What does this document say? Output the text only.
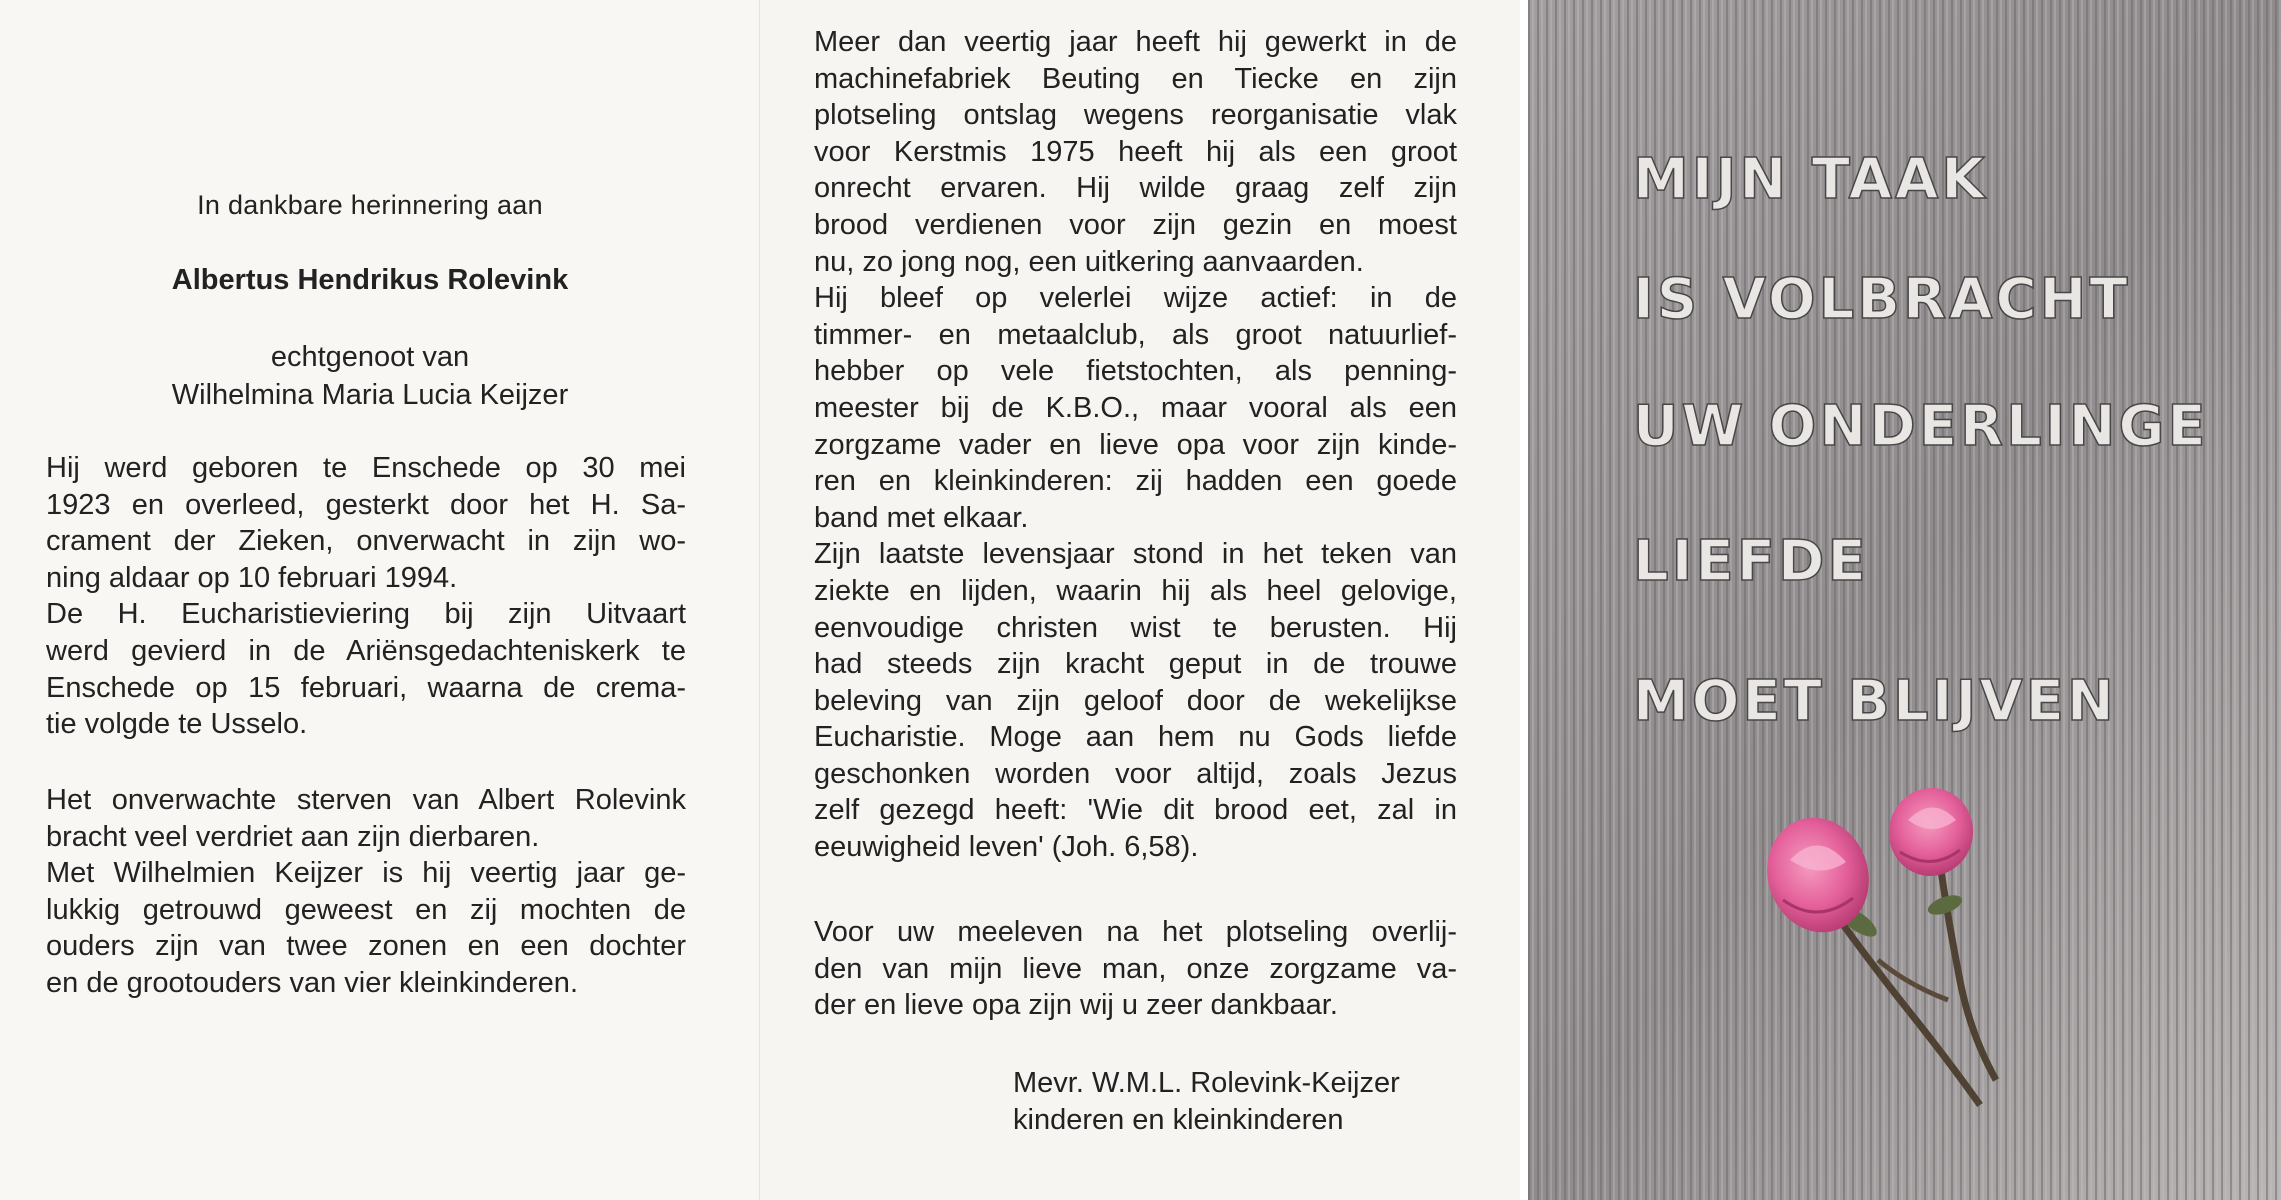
In dankbare herinnering aan
Albertus Hendrikus Rolevink
echtgenoot van
Wilhelmina Maria Lucia Keijzer
Hij werd geboren te Enschede op 30 mei
1923 en overleed, gesterkt door het H. Sa-
crament der Zieken, onverwacht in zijn wo-
ning aldaar op 10 februari 1994.
De H. Eucharistieviering bij zijn Uitvaart
werd gevierd in de Ariënsgedachteniskerk te
Enschede op 15 februari, waarna de crema-
tie volgde te Usselo.
Het onverwachte sterven van Albert Rolevink
bracht veel verdriet aan zijn dierbaren.
Met Wilhelmien Keijzer is hij veertig jaar ge-
lukkig getrouwd geweest en zij mochten de
ouders zijn van twee zonen en een dochter
en de grootouders van vier kleinkinderen.
Meer dan veertig jaar heeft hij gewerkt in de
machinefabriek Beuting en Tiecke en zijn
plotseling ontslag wegens reorganisatie vlak
voor Kerstmis 1975 heeft hij als een groot
onrecht ervaren. Hij wilde graag zelf zijn
brood verdienen voor zijn gezin en moest
nu, zo jong nog, een uitkering aanvaarden.
Hij bleef op velerlei wijze actief: in de
timmer- en metaalclub, als groot natuurlief-
hebber op vele fietstochten, als penning-
meester bij de K.B.O., maar vooral als een
zorgzame vader en lieve opa voor zijn kinde-
ren en kleinkinderen: zij hadden een goede
band met elkaar.
Zijn laatste levensjaar stond in het teken van
ziekte en lijden, waarin hij als heel gelovige,
eenvoudige christen wist te berusten. Hij
had steeds zijn kracht geput in de trouwe
beleving van zijn geloof door de wekelijkse
Eucharistie. Moge aan hem nu Gods liefde
geschonken worden voor altijd, zoals Jezus
zelf gezegd heeft: 'Wie dit brood eet, zal in
eeuwigheid leven' (Joh. 6,58).
Voor uw meeleven na het plotseling overlij-
den van mijn lieve man, onze zorgzame va-
der en lieve opa zijn wij u zeer dankbaar.
Mevr. W.M.L. Rolevink-Keijzer
kinderen en kleinkinderen
MIJN TAAK
IS VOLBRACHT
UW ONDERLINGE
LIEFDE
MOET BLIJVEN
